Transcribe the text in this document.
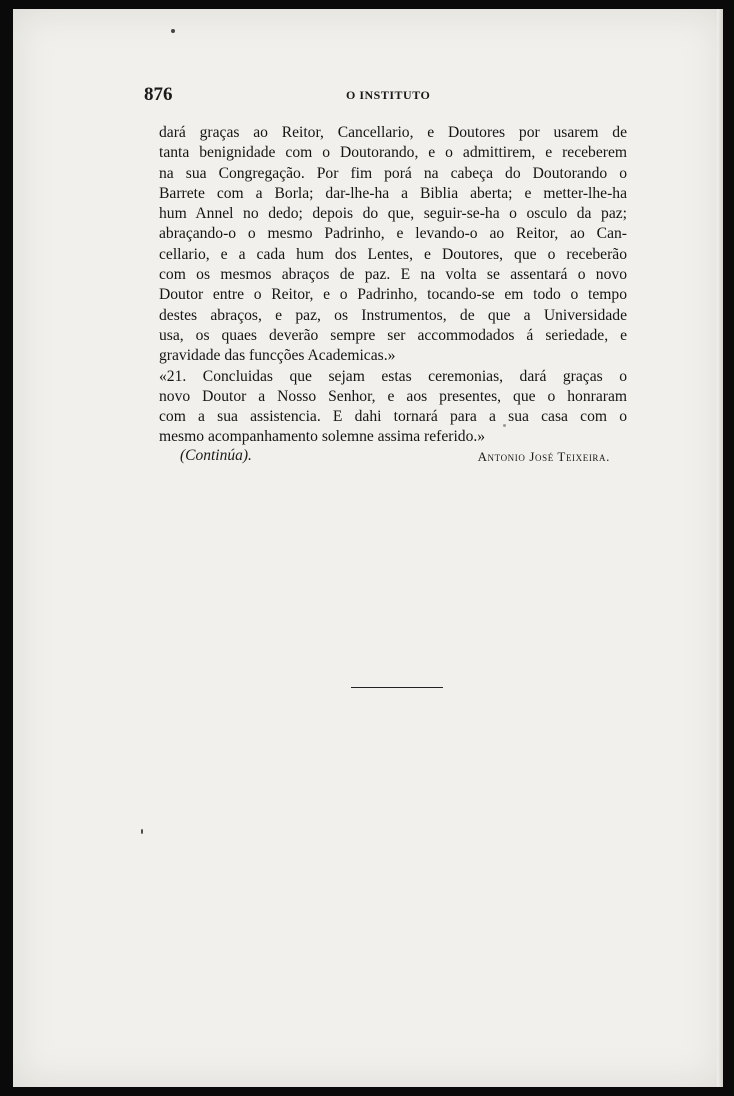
876	O INSTITUTO

dará graças ao Reitor, Cancellario, e Doutores por usarem de

tanta benignidade com o Doutorando, e o admittirem, e receberem

na sua Congregação. Por fim porá na cabeça do Doutorando o

Barrete com a Borla; dar-lhe-ha a Biblia aberta; e metter-lhe-ha

hum Annel no dedo; depois do que, seguir-se-ha o osculo da paz;

abraçando-o o mesmo Padrinho, e levando-o ao Reitor, ao Can-

cellario, e a cada hum dos Lentes, e Doutores, que o receberão

com os mesmos abraços de paz. E na volta se assentará o novo

Doutor entre o Reitor, e o Padrinho, tocando-se em todo o tempo

destes abraços, e paz, os Instrumentos, de que a Universidade

usa, os quaes deverão sempre ser accommodados á seriedade, e

gravidade das funcções Academicas.»

«21. Concluidas que sejam estas ceremonias, dará graças o

novo Doutor a Nosso Senhor, e aos presentes, que o honraram

com a sua assistencia. E dahi tornará para a sua casa com o

mesmo acompanhamento solemne assima referido.»

(Continúa).	Antonio José Teixeira.
